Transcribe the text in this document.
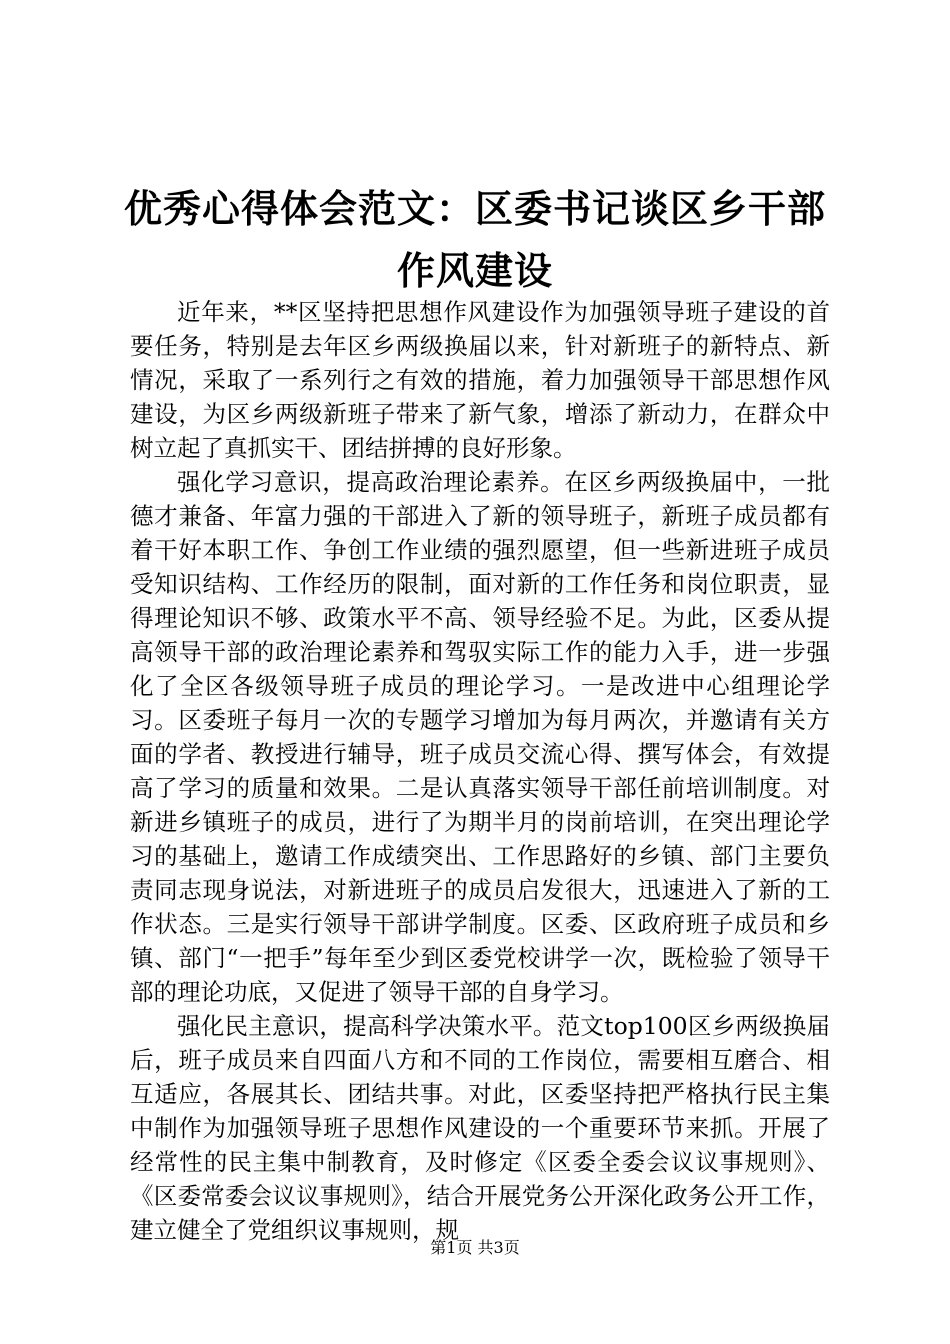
优秀心得体会范文：区委书记谈区乡干部作风建设

近年来，**区坚持把思想作风建设作为加强领导班子建设的首要任务，特别是去年区乡两级换届以来，针对新班子的新特点、新情况，采取了一系列行之有效的措施，着力加强领导干部思想作风建设，为区乡两级新班子带来了新气象，增添了新动力，在群众中树立起了真抓实干、团结拼搏的良好形象。

强化学习意识，提高政治理论素养。在区乡两级换届中，一批德才兼备、年富力强的干部进入了新的领导班子，新班子成员都有着干好本职工作、争创工作业绩的强烈愿望，但一些新进班子成员受知识结构、工作经历的限制，面对新的工作任务和岗位职责，显得理论知识不够、政策水平不高、领导经验不足。为此，区委从提高领导干部的政治理论素养和驾驭实际工作的能力入手，进一步强化了全区各级领导班子成员的理论学习。一是改进中心组理论学习。区委班子每月一次的专题学习增加为每月两次，并邀请有关方面的学者、教授进行辅导，班子成员交流心得、撰写体会，有效提高了学习的质量和效果。二是认真落实领导干部任前培训制度。对新进乡镇班子的成员，进行了为期半月的岗前培训，在突出理论学习的基础上，邀请工作成绩突出、工作思路好的乡镇、部门主要负责同志现身说法，对新进班子的成员启发很大，迅速进入了新的工作状态。三是实行领导干部讲学制度。区委、区政府班子成员和乡镇、部门“一把手”每年至少到区委党校讲学一次，既检验了领导干部的理论功底，又促进了领导干部的自身学习。

强化民主意识，提高科学决策水平。范文top100区乡两级换届后，班子成员来自四面八方和不同的工作岗位，需要相互磨合、相互适应，各展其长、团结共事。对此，区委坚持把严格执行民主集中制作为加强领导班子思想作风建设的一个重要环节来抓。开展了经常性的民主集中制教育，及时修定《区委全委会议议事规则》、《区委常委会议议事规则》，结合开展党务公开深化政务公开工作，建立健全了党组织议事规则，规

第1页 共3页
